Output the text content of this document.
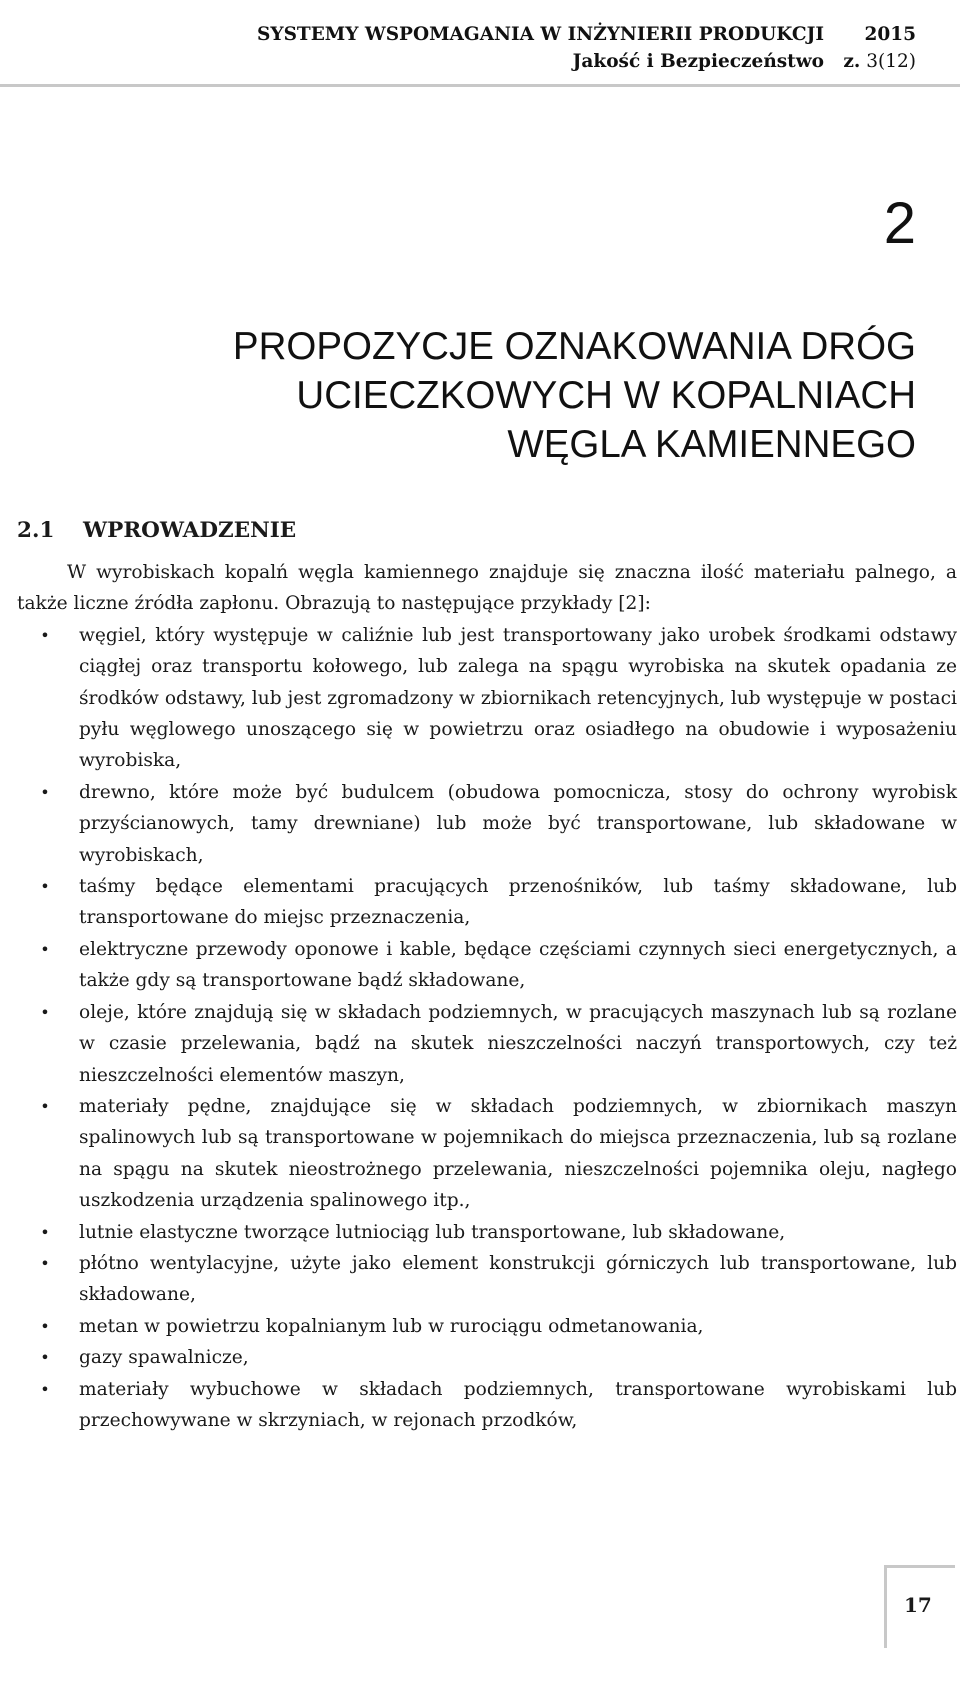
SYSTEMY WSPOMAGANIA W INŻYNIERII PRODUKCJI
Jakość i Bezpieczeństwo
2015
z. 3(12)
2
PROPOZYCJE OZNAKOWANIA DRÓG
UCIECZKOWYCH W KOPALNIACH
WĘGLA KAMIENNEGO
2.1 WPROWADZENIE

W wyrobiskach kopalń węgla kamiennego znajduje się znaczna ilość materiału palnego, a także liczne źródła zapłonu. Obrazują to następujące przykłady [2]:

• węgiel, który występuje w caliźnie lub jest transportowany jako urobek środkami odstawy ciągłej oraz transportu kołowego, lub zalega na spągu wyrobiska na skutek opadania ze środków odstawy, lub jest zgromadzony w zbiornikach retencyjnych, lub występuje w postaci pyłu węglowego unoszącego się w powietrzu oraz osiadłego na obudowie i wyposażeniu wyrobiska,
• drewno, które może być budulcem (obudowa pomocnicza, stosy do ochrony wyrobisk przyścianowych, tamy drewniane) lub może być transportowane, lub składowane w wyrobiskach,
• taśmy będące elementami pracujących przenośników, lub taśmy składowane, lub transportowane do miejsc przeznaczenia,
• elektryczne przewody oponowe i kable, będące częściami czynnych sieci energetycznych, a także gdy są transportowane bądź składowane,
• oleje, które znajdują się w składach podziemnych, w pracujących maszynach lub są rozlane w czasie przelewania, bądź na skutek nieszczelności naczyń transportowych, czy też nieszczelności elementów maszyn,
• materiały pędne, znajdujące się w składach podziemnych, w zbiornikach maszyn spalinowych lub są transportowane w pojemnikach do miejsca przeznaczenia, lub są rozlane na spągu na skutek nieostrożnego przelewania, nieszczelności pojemnika oleju, nagłego uszkodzenia urządzenia spalinowego itp.,
• lutnie elastyczne tworzące lutniociąg lub transportowane, lub składowane,
• płótno wentylacyjne, użyte jako element konstrukcji górniczych lub transportowane, lub składowane,
• metan w powietrzu kopalnianym lub w rurociągu odmetanowania,
• gazy spawalnicze,
• materiały wybuchowe w składach podziemnych, transportowane wyrobiskami lub przechowywane w skrzyniach, w rejonach przodków,
17
